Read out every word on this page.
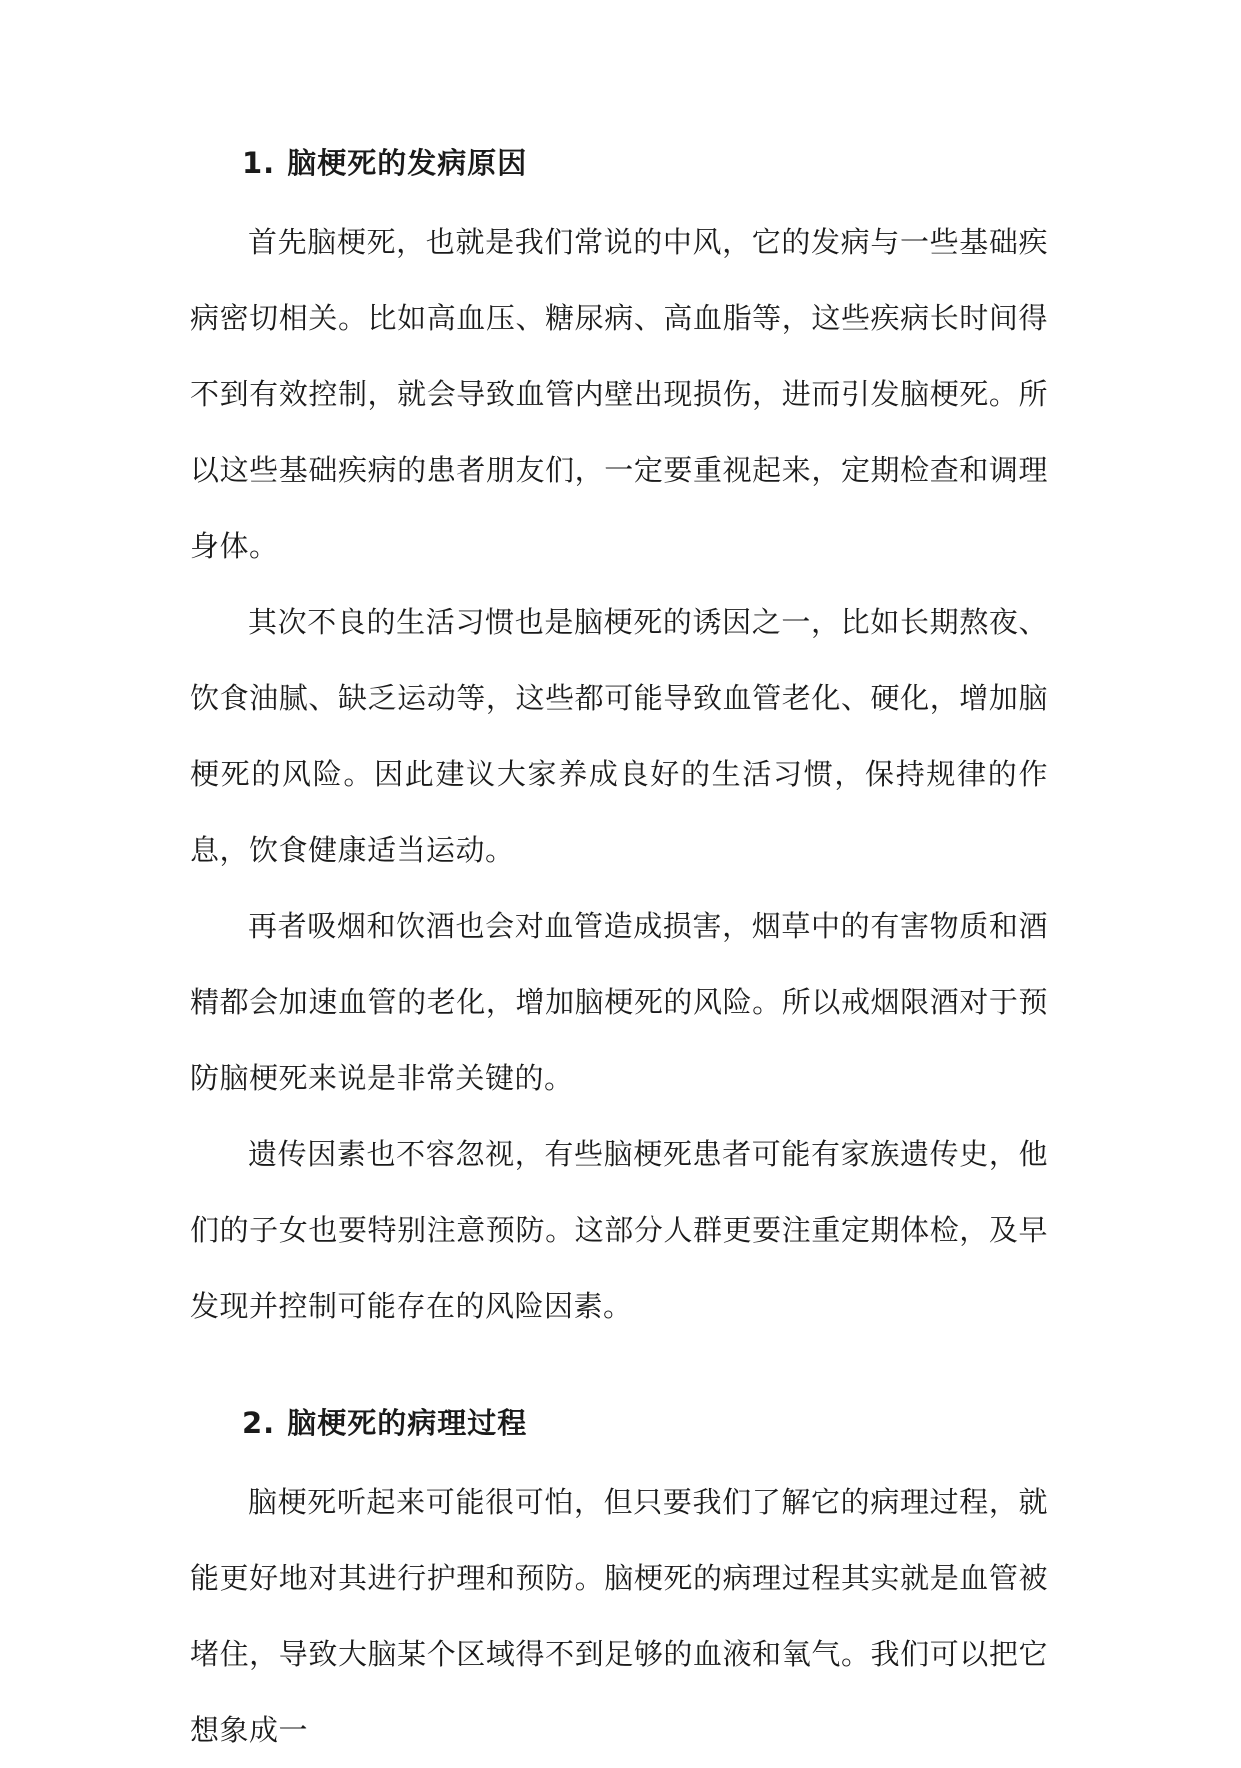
1. 脑梗死的发病原因

首先脑梗死，也就是我们常说的中风，它的发病与一些基础疾病密切相关。比如高血压、糖尿病、高血脂等，这些疾病长时间得不到有效控制，就会导致血管内壁出现损伤，进而引发脑梗死。所以这些基础疾病的患者朋友们，一定要重视起来，定期检查和调理身体。

其次不良的生活习惯也是脑梗死的诱因之一，比如长期熬夜、饮食油腻、缺乏运动等，这些都可能导致血管老化、硬化，增加脑梗死的风险。因此建议大家养成良好的生活习惯，保持规律的作息，饮食健康适当运动。

再者吸烟和饮酒也会对血管造成损害，烟草中的有害物质和酒精都会加速血管的老化，增加脑梗死的风险。所以戒烟限酒对于预防脑梗死来说是非常关键的。

遗传因素也不容忽视，有些脑梗死患者可能有家族遗传史，他们的子女也要特别注意预防。这部分人群更要注重定期体检，及早发现并控制可能存在的风险因素。

2. 脑梗死的病理过程

脑梗死听起来可能很可怕，但只要我们了解它的病理过程，就能更好地对其进行护理和预防。脑梗死的病理过程其实就是血管被堵住，导致大脑某个区域得不到足够的血液和氧气。我们可以把它想象成一
